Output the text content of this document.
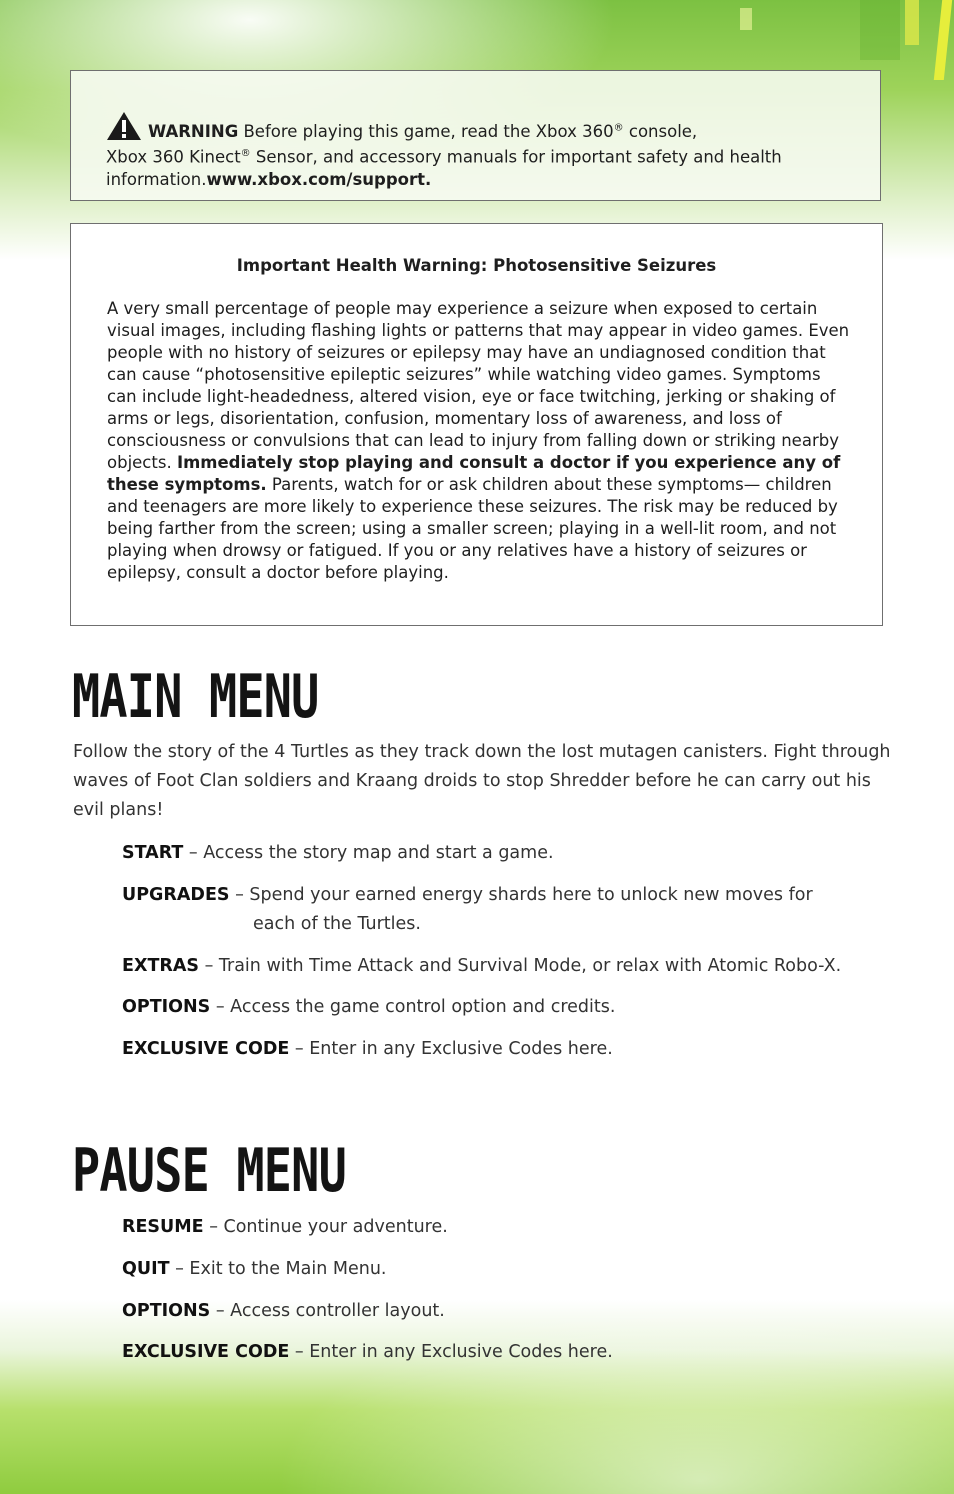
WARNING Before playing this game, read the Xbox 360® console,
Xbox 360 Kinect® Sensor, and accessory manuals for important safety and health information.www.xbox.com/support.
Important Health Warning: Photosensitive Seizures
A very small percentage of people may experience a seizure when exposed to certain visual images, including flashing lights or patterns that may appear in video games. Even people with no history of seizures or epilepsy may have an undiagnosed condition that can cause “photosensitive epileptic seizures” while watching video games. Symptoms can include light-headedness, altered vision, eye or face twitching, jerking or shaking of arms or legs, disorientation, confusion, momentary loss of awareness, and loss of consciousness or convulsions that can lead to injury from falling down or striking nearby objects. Immediately stop playing and consult a doctor if you experience any of these symptoms. Parents, watch for or ask children about these symptoms— children and teenagers are more likely to experience these seizures. The risk may be reduced by being farther from the screen; using a smaller screen; playing in a well-lit room, and not playing when drowsy or fatigued. If you or any relatives have a history of seizures or epilepsy, consult a doctor before playing.
MAIN MENU
Follow the story of the 4 Turtles as they track down the lost mutagen canisters. Fight through waves of Foot Clan soldiers and Kraang droids to stop Shredder before he can carry out his evil plans!
START – Access the story map and start a game.
UPGRADES – Spend your earned energy shards here to unlock new moves for
each of the Turtles.
EXTRAS – Train with Time Attack and Survival Mode, or relax with Atomic Robo-X.
OPTIONS – Access the game control option and credits.
EXCLUSIVE CODE – Enter in any Exclusive Codes here.
PAUSE MENU
RESUME – Continue your adventure.
QUIT – Exit to the Main Menu.
OPTIONS – Access controller layout.
EXCLUSIVE CODE – Enter in any Exclusive Codes here.
